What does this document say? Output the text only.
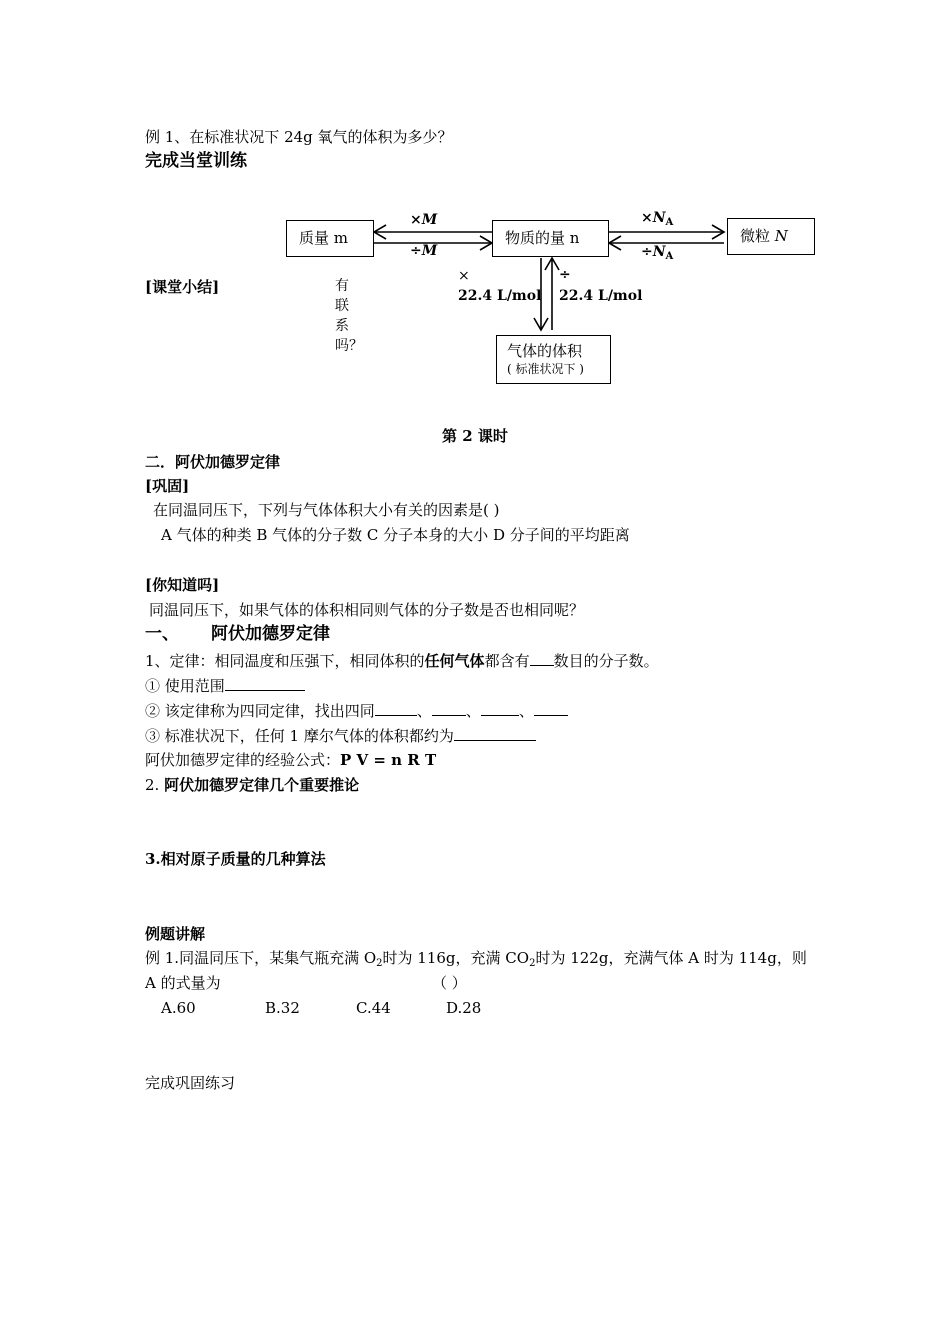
例 1、在标准状况下 24g 氧气的体积为多少？
完成当堂训练
质量 m	物质的量 n	微粒 N
气体的体积
( 标准状况下 )
×M
÷M
$\times N_A$
$\div N_A$
×
22.4 L/mol
÷
22.4 L/mol
[课堂小结]	有
联
系
吗？
第 2 课时
二．阿伏加德罗定律
[巩固]
在同温同压下，下列与气体体积大小有关的因素是( )
A 气体的种类 B 气体的分子数 C 分子本身的大小 D 分子间的平均距离
[你知道吗]
同温同压下，如果气体的体积相同则气体的分子数是否也相同呢？
一、 阿伏加德罗定律
1、定律：相同温度和压强下，相同体积的任何气体都含有 数目的分子数。
① 使用范围
② 该定律称为四同定律，找出四同	、 、	、
③ 标准状况下，任何 1 摩尔气体的体积都约为
阿伏加德罗定律的经验公式：P V = n R T
2. 阿伏加德罗定律几个重要推论
3.相对原子质量的几种算法
例题讲解
例 1.同温同压下，某集气瓶充满 $O_2$时为 116g，充满 $CO_2$时为 122g，充满气体 A 时为 114g，则
A 的式量为	（ ）
A.60	B.32	C.44	D.28
完成巩固练习
